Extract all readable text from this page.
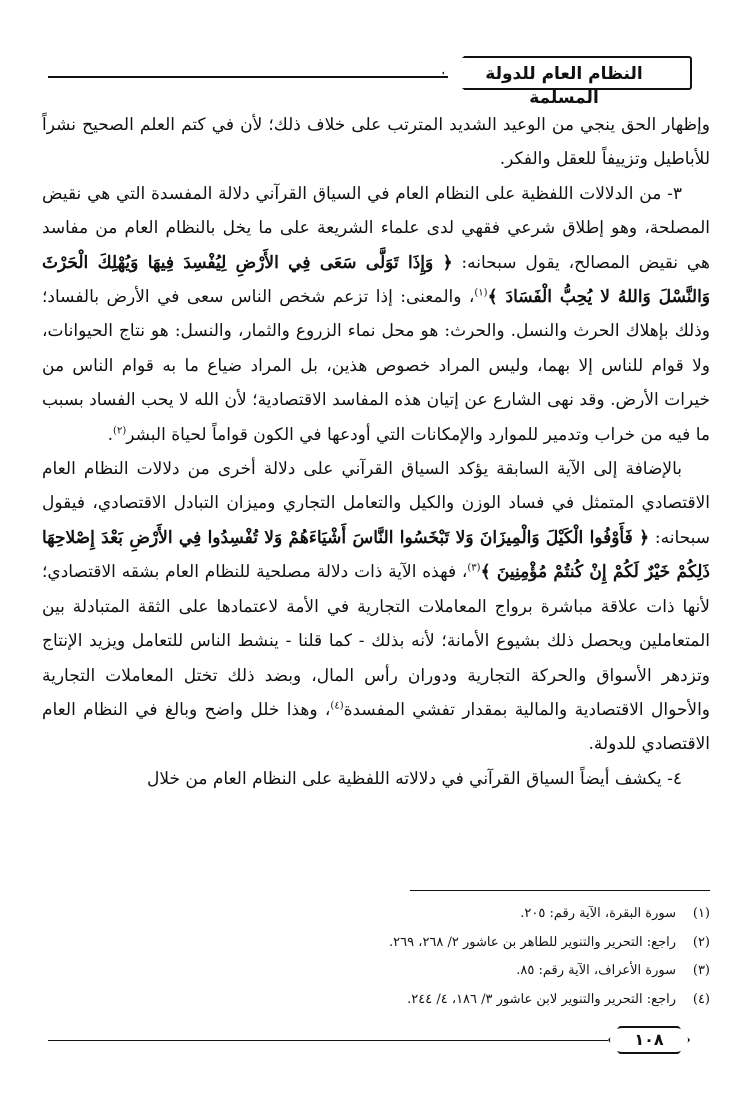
النظام العام للدولة المسلمة

وإظهار الحق ينجي من الوعيد الشديد المترتب على خلاف ذلك؛ لأن في كتم العلم الصحيح نشراً للأباطيل وتزييفاً للعقل والفكر.

٣- من الدلالات اللفظية على النظام العام في السياق القرآني دلالة المفسدة التي هي نقيض المصلحة، وهو إطلاق شرعي فقهي لدى علماء الشريعة على ما يخل بالنظام العام من مفاسد هي نقيض المصالح، يقول سبحانه: ﴿ وَإِذَا تَوَلَّى سَعَى فِي الأَرْضِ لِيُفْسِدَ فِيهَا وَيُهْلِكَ الْحَرْثَ وَالنَّسْلَ وَاللهُ لا يُحِبُّ الْفَسَادَ ﴾$^{(١)}$، والمعنى: إذا تزعم شخص الناس سعى في الأرض بالفساد؛ وذلك بإهلاك الحرث والنسل. والحرث: هو محل نماء الزروع والثمار، والنسل: هو نتاج الحيوانات، ولا قوام للناس إلا بهما، وليس المراد خصوص هذين، بل المراد ضياع ما به قوام الناس من خيرات الأرض. وقد نهى الشارع عن إتيان هذه المفاسد الاقتصادية؛ لأن الله لا يحب الفساد بسبب ما فيه من خراب وتدمير للموارد والإمكانات التي أودعها في الكون قواماً لحياة البشر$^{(٢)}$.

بالإضافة إلى الآية السابقة يؤكد السياق القرآني على دلالة أخرى من دلالات النظام العام الاقتصادي المتمثل في فساد الوزن والكيل والتعامل التجاري وميزان التبادل الاقتصادي، فيقول سبحانه: ﴿ فَأَوْفُوا الْكَيْلَ وَالْمِيزَانَ وَلا تَبْخَسُوا النَّاسَ أَشْيَاءَهُمْ وَلا تُفْسِدُوا فِي الأَرْضِ بَعْدَ إِصْلاحِهَا ذَلِكُمْ خَيْرٌ لَكُمْ إِنْ كُنتُمْ مُؤْمِنِينَ ﴾$^{(٣)}$، فهذه الآية ذات دلالة مصلحية للنظام العام بشقه الاقتصادي؛ لأنها ذات علاقة مباشرة برواج المعاملات التجارية في الأمة لاعتمادها على الثقة المتبادلة بين المتعاملين ويحصل ذلك بشيوع الأمانة؛ لأنه بذلك - كما قلنا - ينشط الناس للتعامل ويزيد الإنتاج وتزدهر الأسواق والحركة التجارية ودوران رأس المال، وبضد ذلك تختل المعاملات التجارية والأحوال الاقتصادية والمالية بمقدار تفشي المفسدة$^{(٤)}$، وهذا خلل واضح وبالغ في النظام العام الاقتصادي للدولة.

٤- يكشف أيضاً السياق القرآني في دلالاته اللفظية على النظام العام من خلال

(١)سورة البقرة، الآية رقم: ٢٠٥.
(٢)راجع: التحرير والتنوير للطاهر بن عاشور ٢/ ٢٦٨، ٢٦٩.
(٣)سورة الأعراف، الآية رقم: ٨٥.
(٤)راجع: التحرير والتنوير لابن عاشور ٣/ ١٨٦، ٤/ ٢٤٤.
١٠٨
